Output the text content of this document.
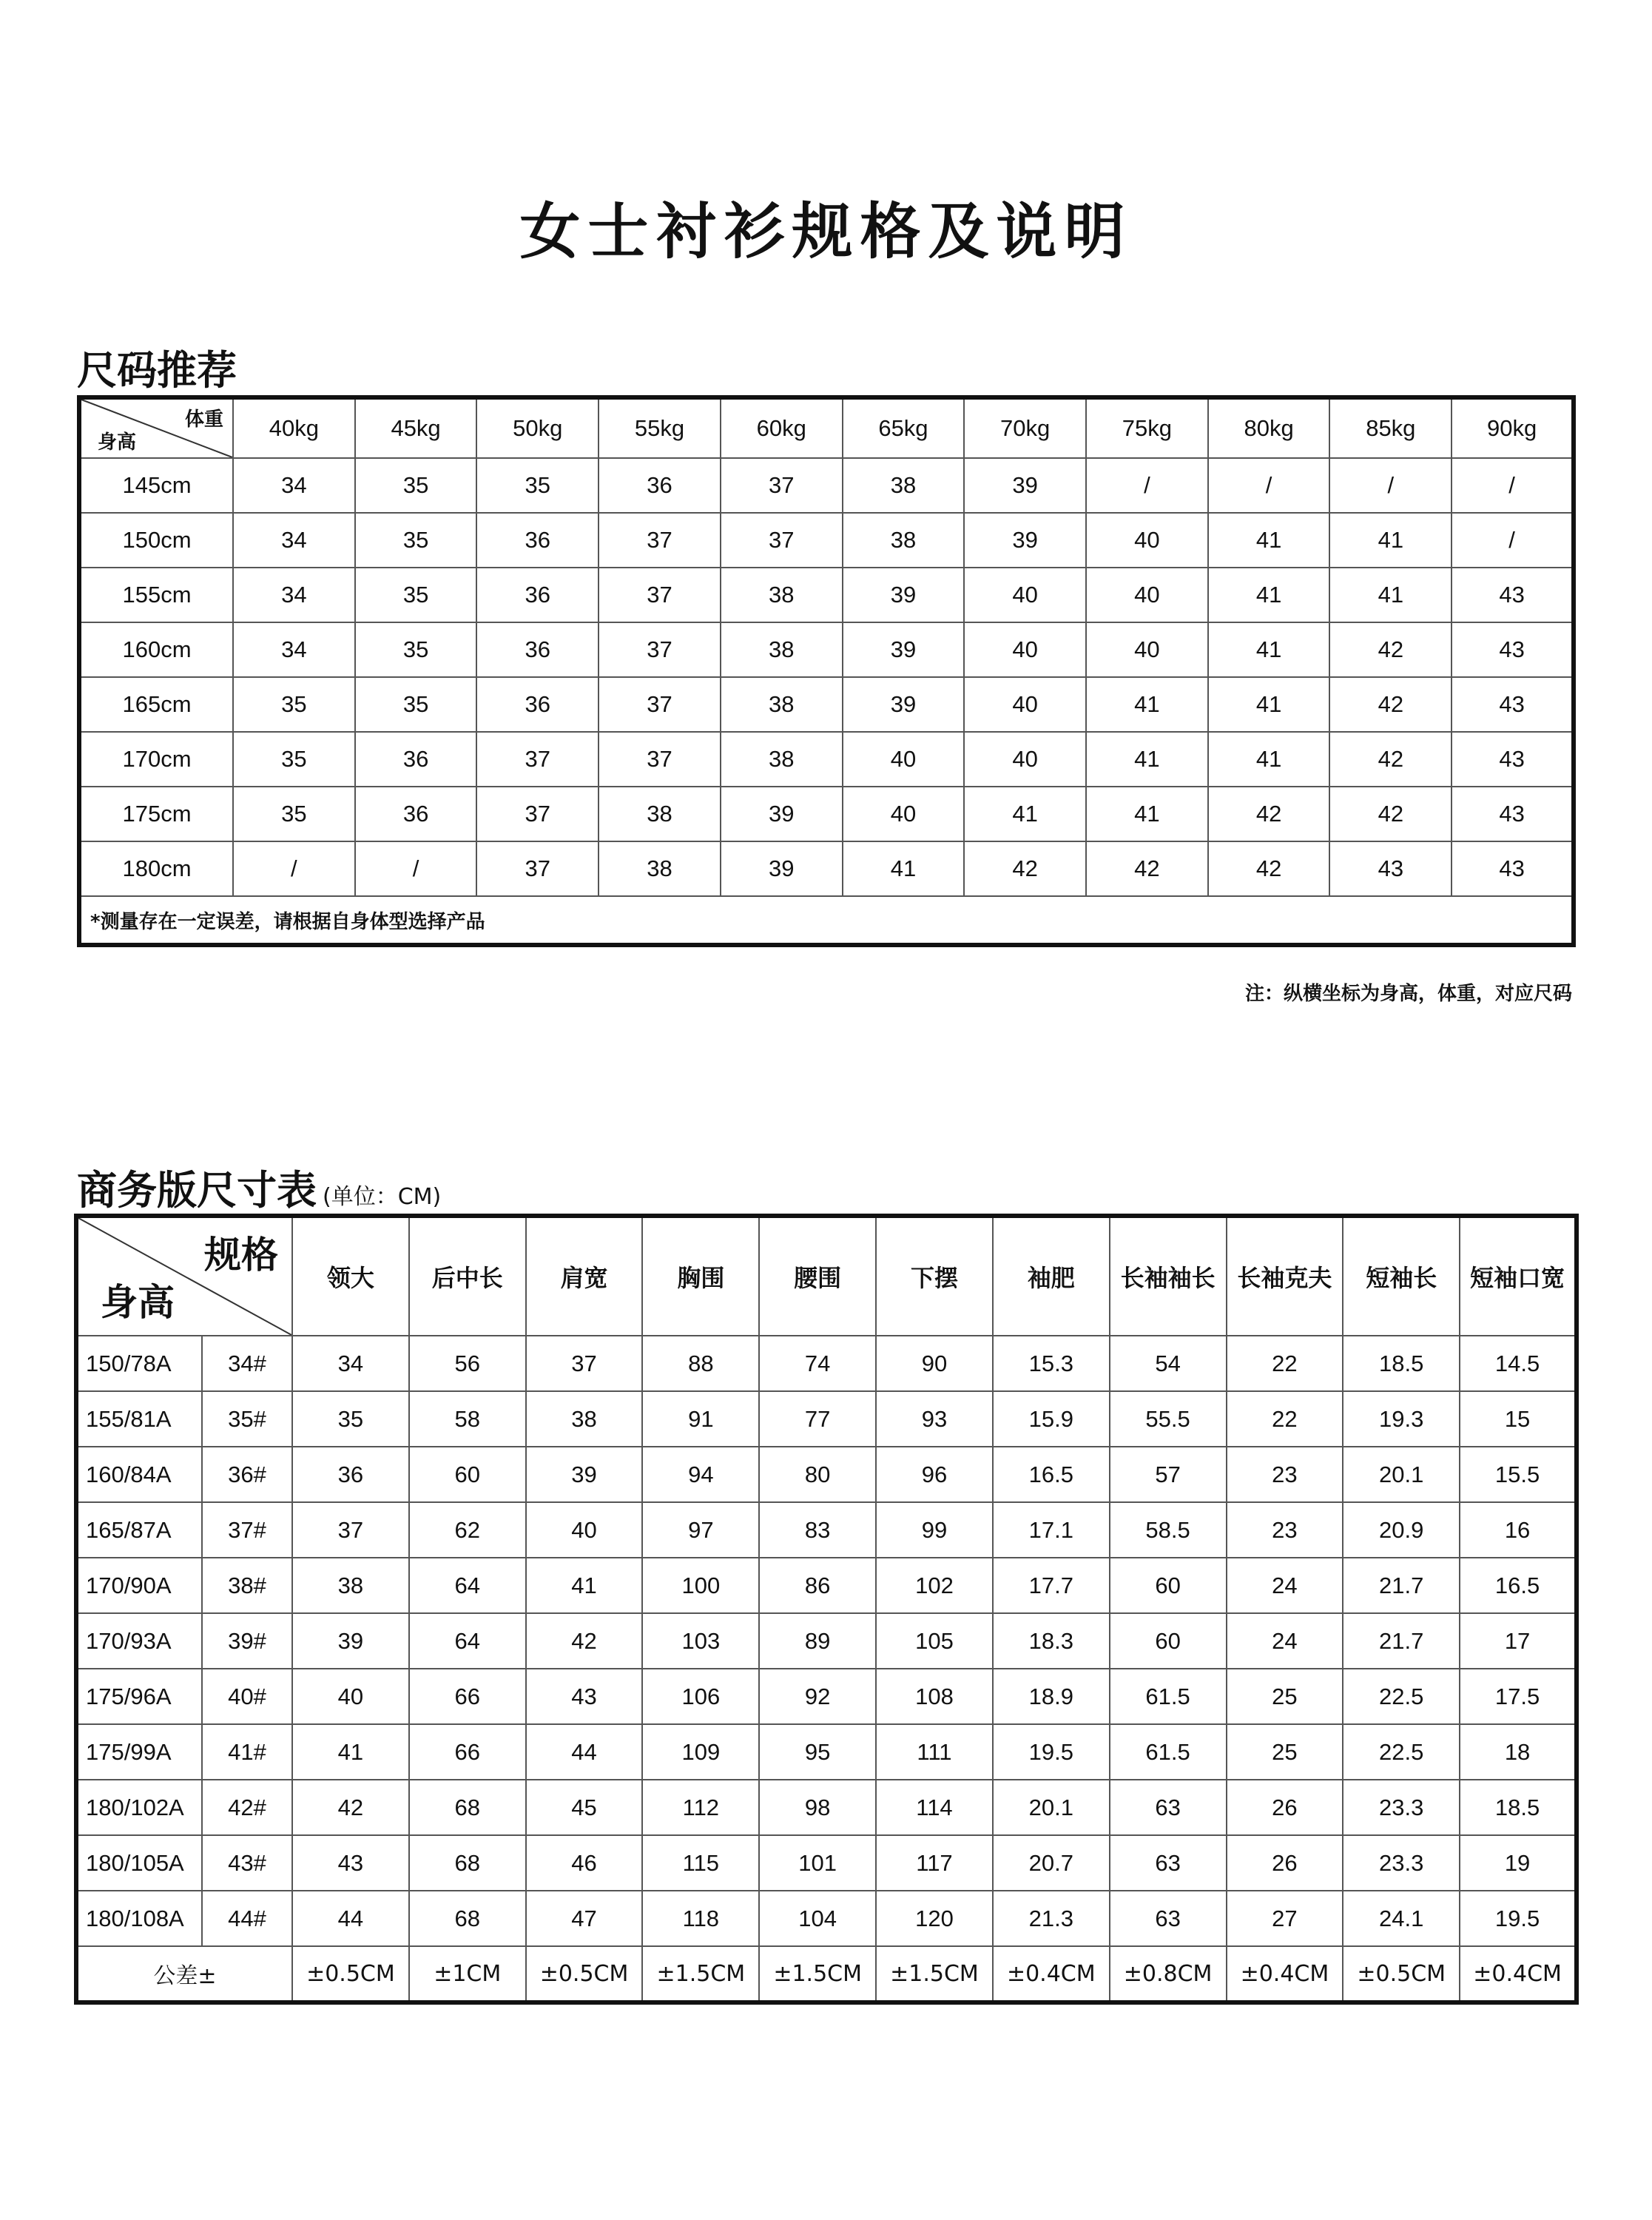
女士衬衫规格及说明
尺码推荐
体重
身高	40kg	45kg	50kg	55kg	60kg	65kg	70kg	75kg	80kg	85kg	90kg
145cm	34	35	35	36	37	38	39	/	/	/	/
150cm	34	35	36	37	37	38	39	40	41	41	/
155cm	34	35	36	37	38	39	40	40	41	41	43
160cm	34	35	36	37	38	39	40	40	41	42	43
165cm	35	35	36	37	38	39	40	41	41	42	43
170cm	35	36	37	37	38	40	40	41	41	42	43
175cm	35	36	37	38	39	40	41	41	42	42	43
180cm	/	/	37	38	39	41	42	42	42	43	43
*测量存在一定误差，请根据自身体型选择产品											
注：纵横坐标为身高，体重，对应尺码
商务版尺寸表 (单位：CM)
规格
身高		领大	后中长	肩宽	胸围	腰围	下摆	袖肥	长袖袖长	长袖克夫	短袖长	短袖口宽
150/78A	34#	34	56	37	88	74	90	15.3	54	22	18.5	14.5
155/81A	35#	35	58	38	91	77	93	15.9	55.5	22	19.3	15
160/84A	36#	36	60	39	94	80	96	16.5	57	23	20.1	15.5
165/87A	37#	37	62	40	97	83	99	17.1	58.5	23	20.9	16
170/90A	38#	38	64	41	100	86	102	17.7	60	24	21.7	16.5
170/93A	39#	39	64	42	103	89	105	18.3	60	24	21.7	17
175/96A	40#	40	66	43	106	92	108	18.9	61.5	25	22.5	17.5
175/99A	41#	41	66	44	109	95	111	19.5	61.5	25	22.5	18
180/102A	42#	42	68	45	112	98	114	20.1	63	26	23.3	18.5
180/105A	43#	43	68	46	115	101	117	20.7	63	26	23.3	19
180/108A	44#	44	68	47	118	104	120	21.3	63	27	24.1	19.5
公差±		±0.5CM	±1CM	±0.5CM	±1.5CM	±1.5CM	±1.5CM	±0.4CM	±0.8CM	±0.4CM	±0.5CM	±0.4CM
